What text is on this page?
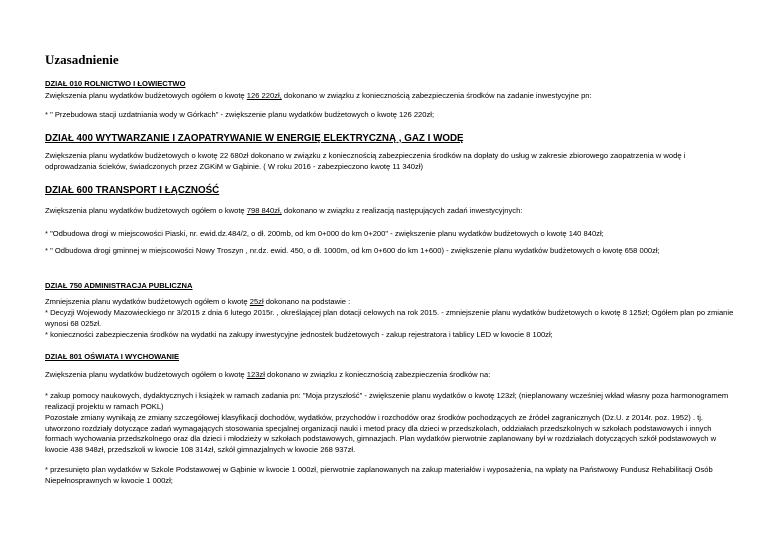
Uzasadnienie
DZIAŁ 010 ROLNICTWO I ŁOWIECTWO
Zwiększenia planu wydatków budżetowych ogółem o kwotę 126 220zł, dokonano w związku z koniecznością zabezpieczenia środków na zadanie inwestycyjne pn:
* " Przebudowa stacji uzdatniania wody w Górkach" - zwiększenie planu wydatków budżetowych o kwotę 126 220zł;
DZIAŁ 400 WYTWARZANIE I ZAOPATRYWANIE W ENERGIĘ ELEKTRYCZNĄ , GAZ I WODĘ
Zwiększenia planu wydatków budżetowych o kwotę 22 680zł dokonano w związku z koniecznością zabezpieczenia środków na dopłaty do usług w zakresie zbiorowego zaopatrzenia w wodę i odprowadzania ścieków, świadczonych przez ZGKiM w Gąbinie. ( W roku 2016 - zabezpieczono kwotę 11 340zł)
DZIAŁ 600 TRANSPORT I ŁĄCZNOŚĆ
Zwiększenia planu wydatków budżetowych ogółem o kwotę 798 840zł, dokonano w związku z realizacją następujących zadań inwestycyjnych:
* "Odbudowa drogi w miejscowości Piaski, nr. ewid.dz.484/2, o dł. 200mb, od km 0+000 do km 0+200" - zwiększenie planu wydatków budżetowych o kwotę 140 840zł;
* " Odbudowa drogi gminnej w miejscowości Nowy Troszyn , nr.dz. ewid. 450, o dł. 1000m, od km 0+600 do km 1+600) - zwiększenie planu wydatków budżetowych o kwotę 658 000zł;
DZIAŁ 750 ADMINISTRACJA PUBLICZNA
Zmniejszenia planu wydatków budżetowych ogółem o kwotę 25zł dokonano na podstawie :
* Decyzji Wojewody Mazowieckiego nr 3/2015 z dnia 6 lutego 2015r. , określającej plan dotacji celowych na rok 2015. - zmniejszenie planu wydatków budżetowych o kwotę 8 125zł; Ogółem plan po zmianie wynosi 68 025zł.
* konieczności zabezpieczenia środków na wydatki na zakupy inwestycyjne jednostek budżetowych - zakup rejestratora i tablicy LED w kwocie 8 100zł;
DZIAŁ 801 OŚWIATA I WYCHOWANIE
Zwiększenia planu wydatków budżetowych ogółem o kwotę 123zł dokonano w związku z koniecznością zabezpieczenia środków na:
* zakup pomocy naukowych, dydaktycznych i książek w ramach zadania pn: "Moja przyszłość" - zwiększenie planu wydatków o kwotę 123zł; (nieplanowany wcześniej wkład własny poza harmonogramem realizacji projektu w ramach POKL)
Pozostałe zmiany wynikają ze zmiany szczegółowej klasyfikacji dochodów, wydatków, przychodów i rozchodów oraz środków pochodzących ze źródeł zagranicznych (Dz.U. z 2014r. poz. 1952) . tj. utworzono rozdziały dotyczące zadań wymagających stosowania specjalnej organizacji nauki i metod pracy dla dzieci w przedszkolach, oddziałach przedszkolnych w szkołach podstawowych i innych formach wychowania przedszkolnego oraz dla dzieci i młodzieży w szkołach podstawowych, gimnazjach. Plan wydatków pierwotnie zaplanowany był w rozdziałach dotyczących szkół podstawowych w kwocie 438 948zł, przedszkoli w kwocie 108 314zł, szkół gimnazjalnych w kwocie 268 937zł.
* przesunięto plan wydatków w Szkole Podstawowej w Gąbinie w kwocie 1 000zł, pierwotnie zaplanowanych na zakup materiałów i wyposażenia, na wpłaty na Państwowy Fundusz Rehabilitacji Osób Niepełnosprawnych w kwocie 1 000zł;
